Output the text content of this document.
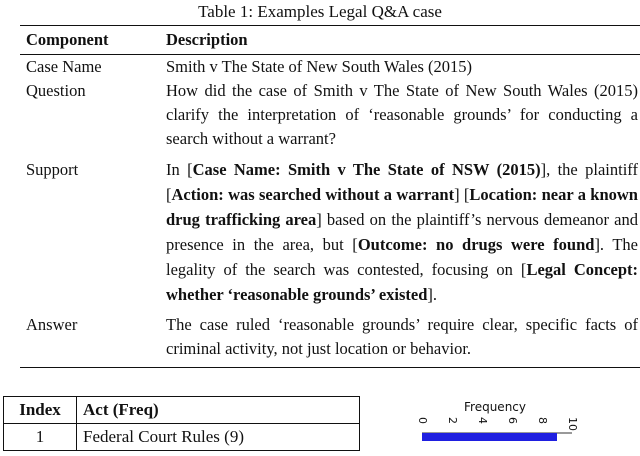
Table 1: Examples Legal Q&A case
Component	Description
Case Name	Smith v The State of New South Wales (2015)
Question	How did the case of Smith v The State of New South Wales (2015) clarify the interpretation of ‘reasonable grounds’ for conducting a search without a warrant?
Support	In [Case Name: Smith v The State of NSW (2015)], the plaintiff [Action: was searched without a warrant] [Location: near a known drug trafficking area] based on the plaintiff’s nervous demeanor and presence in the area, but [Outcome: no drugs were found]. The legality of the search was contested, focusing on [Legal Concept: whether ‘reasonable grounds’ existed].
Answer	The case ruled ‘reasonable grounds’ require clear, specific facts of criminal activity, not just location or behavior.
Index	Act (Freq)
1	Federal Court Rules (9)
Frequency
0 2 4 6 8 10
